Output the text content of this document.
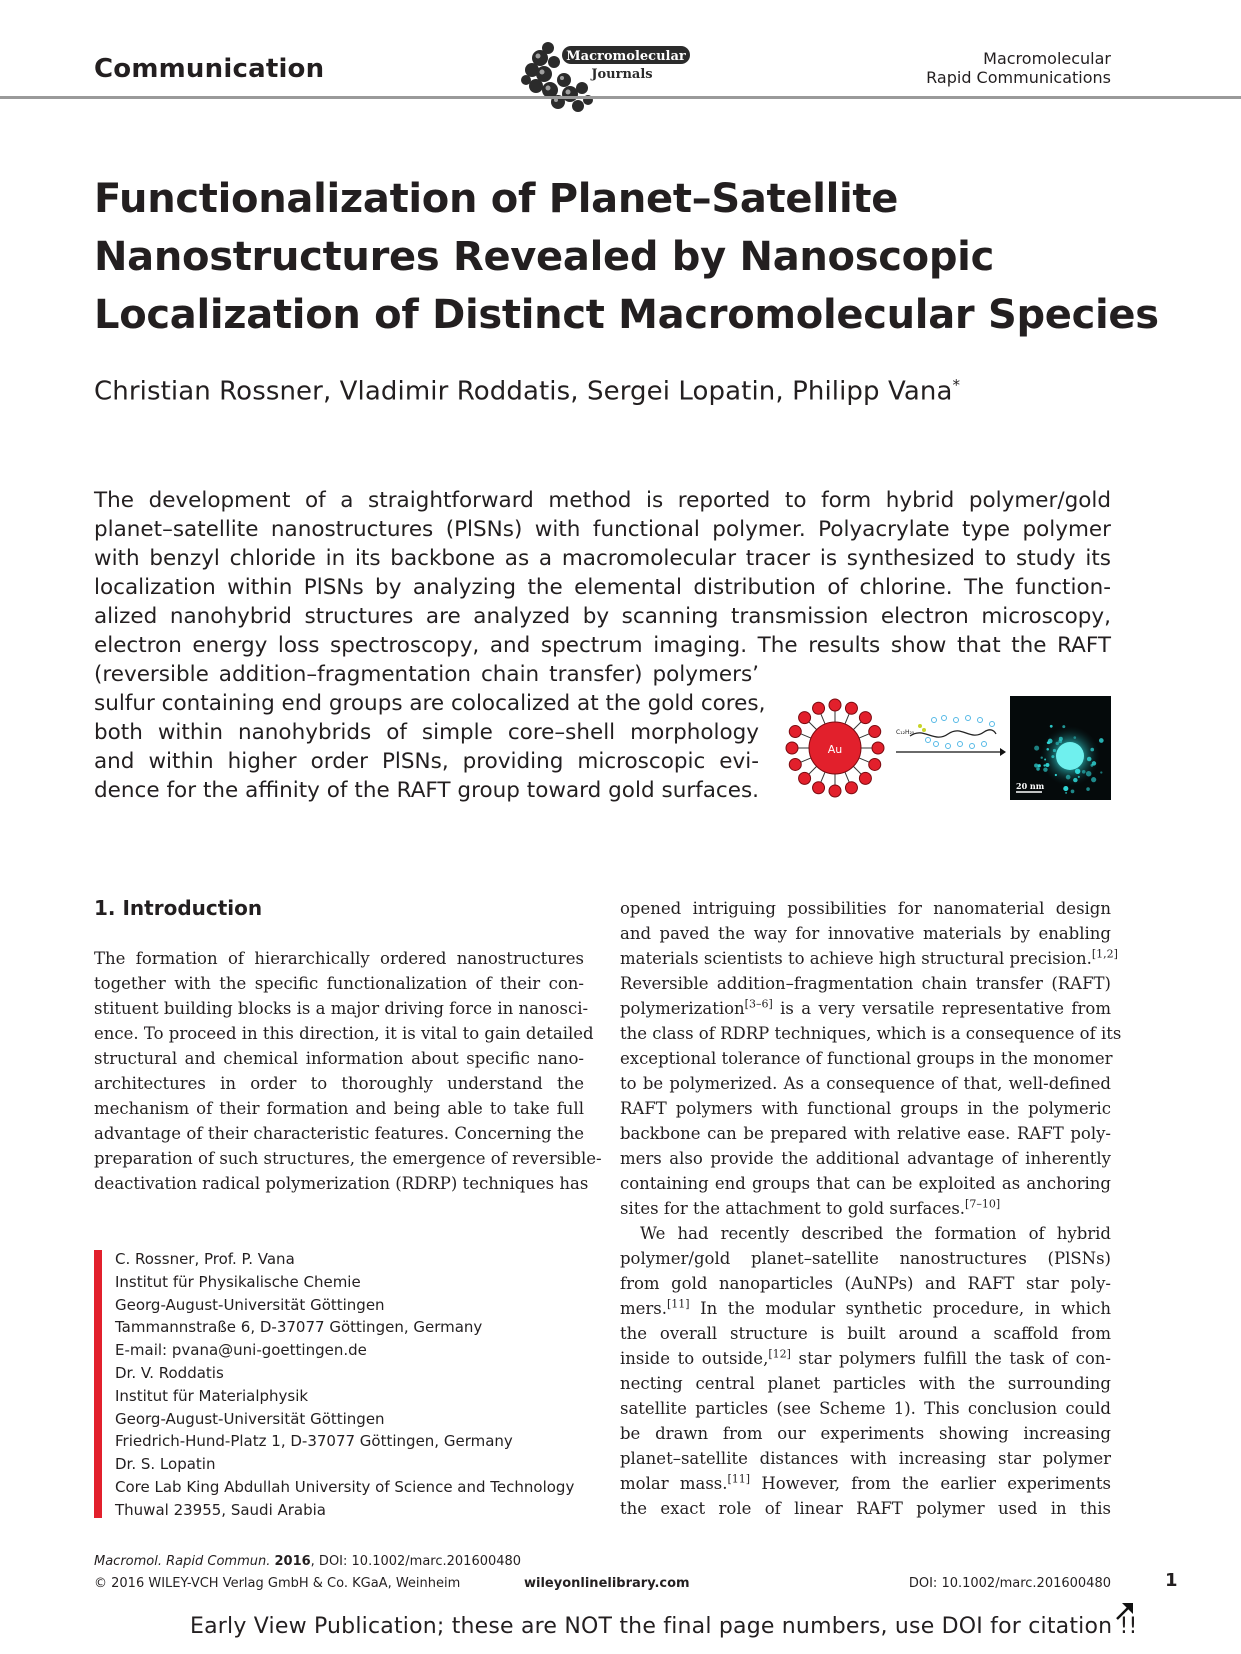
Communication	Macromolecular
Journals
Macromolecular
Rapid Communications
Functionalization of Planet–Satellite
Nanostructures Revealed by Nanoscopic
Localization of Distinct Macromolecular Species
Christian Rossner, Vladimir Roddatis, Sergei Lopatin, Philipp Vana*
The development of a straightforward method is reported to form hybrid polymer/gold
planet–satellite nanostructures (PlSNs) with functional polymer. Polyacrylate type polymer
with benzyl chloride in its backbone as a macromolecular tracer is synthesized to study its
localization within PlSNs by analyzing the elemental distribution of chlorine. The function-
alized nanohybrid structures are analyzed by scanning transmission electron microscopy,
electron energy loss spectroscopy, and spectrum imaging. The results show that the RAFT
(reversible addition–fragmentation chain transfer) polymers’
sulfur containing end groups are colocalized at the gold cores,
both within nanohybrids of simple core–shell morphology
and within higher order PlSNs, providing microscopic evi-
dence for the affinity of the RAFT group toward gold surfaces.
Au
C₁₂H₂₅
20 nm
1. Introduction
The formation of hierarchically ordered nanostructures
together with the specific functionalization of their con-
stituent building blocks is a major driving force in nanosci-
ence. To proceed in this direction, it is vital to gain detailed
structural and chemical information about specific nano-
architectures in order to thoroughly understand the
mechanism of their formation and being able to take full
advantage of their characteristic features. Concerning the
preparation of such structures, the emergence of reversible-
deactivation radical polymerization (RDRP) techniques has
opened intriguing possibilities for nanomaterial design
and paved the way for innovative materials by enabling
materials scientists to achieve high structural precision.[1,2]
Reversible addition–fragmentation chain transfer (RAFT)
polymerization[3–6] is a very versatile representative from
the class of RDRP techniques, which is a consequence of its
exceptional tolerance of functional groups in the monomer
to be polymerized. As a consequence of that, well-defined
RAFT polymers with functional groups in the polymeric
backbone can be prepared with relative ease. RAFT poly-
mers also provide the additional advantage of inherently
containing end groups that can be exploited as anchoring
sites for the attachment to gold surfaces.[7–10]
We had recently described the formation of hybrid
polymer/gold planet–satellite nanostructures (PlSNs)
from gold nanoparticles (AuNPs) and RAFT star poly-
mers.[11] In the modular synthetic procedure, in which
the overall structure is built around a scaffold from
inside to outside,[12] star polymers fulfill the task of con-
necting central planet particles with the surrounding
satellite particles (see Scheme 1). This conclusion could
be drawn from our experiments showing increasing
planet–satellite distances with increasing star polymer
molar mass.[11] However, from the earlier experiments
the exact role of linear RAFT polymer used in this
C. Rossner, Prof. P. Vana
Institut für Physikalische Chemie
Georg-August-Universität Göttingen
Tammannstraße 6, D-37077 Göttingen, Germany
E-mail: pvana@uni-goettingen.de
Dr. V. Roddatis
Institut für Materialphysik
Georg-August-Universität Göttingen
Friedrich-Hund-Platz 1, D-37077 Göttingen, Germany
Dr. S. Lopatin
Core Lab King Abdullah University of Science and Technology
Thuwal 23955, Saudi Arabia
Macromol. Rapid Commun. 2016, DOI: 10.1002/marc.201600480
© 2016 WILEY-VCH Verlag GmbH & Co. KGaA, Weinheim	wileyonlinelibrary.com	DOI: 10.1002/marc.201600480	1
Early View Publication; these are NOT the final page numbers, use DOI for citation !!
